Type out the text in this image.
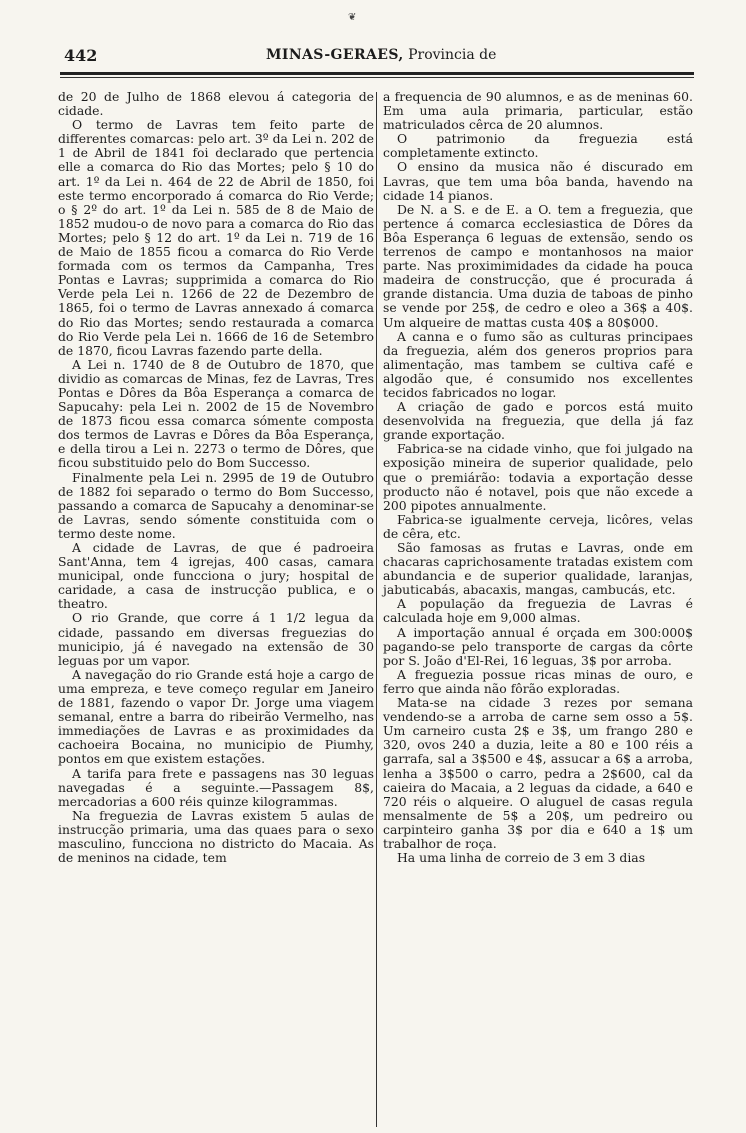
❦
442	MINAS-GERAES, Provincia de

de 20 de Julho de 1868 elevou á categoria de cidade.

O termo de Lavras tem feito parte de differentes comarcas: pelo art. 3º da Lei n. 202 de 1 de Abril de 1841 foi declarado que pertencia elle a comarca do Rio das Mortes; pelo § 10 do art. 1º da Lei n. 464 de 22 de Abril de 1850, foi este termo encorporado á comarca do Rio Verde; o § 2º do art. 1º da Lei n. 585 de 8 de Maio de 1852 mudou-o de novo para a comarca do Rio das Mortes; pelo § 12 do art. 1º da Lei n. 719 de 16 de Maio de 1855 ficou a comarca do Rio Verde formada com os termos da Campanha, Tres Pontas e Lavras; supprimida a comarca do Rio Verde pela Lei n. 1266 de 22 de Dezembro de 1865, foi o termo de Lavras annexado á comarca do Rio das Mortes; sendo restaurada a comarca do Rio Verde pela Lei n. 1666 de 16 de Setembro de 1870, ficou Lavras fazendo parte della.

A Lei n. 1740 de 8 de Outubro de 1870, que dividio as comarcas de Minas, fez de Lavras, Tres Pontas e Dôres da Bôa Esperança a comarca de Sapucahy: pela Lei n. 2002 de 15 de Novembro de 1873 ficou essa comarca sómente composta dos termos de Lavras e Dôres da Bôa Esperança, e della tirou a Lei n. 2273 o termo de Dôres, que ficou substituido pelo do Bom Successo.

Finalmente pela Lei n. 2995 de 19 de Outubro de 1882 foi separado o termo do Bom Successo, passando a comarca de Sapucahy a denominar-se de Lavras, sendo sómente constituida com o termo deste nome.

A cidade de Lavras, de que é padroeira Sant'Anna, tem 4 igrejas, 400 casas, camara municipal, onde funcciona o jury; hospital de caridade, a casa de instrucção publica, e o theatro.

O rio Grande, que corre á 1 1/2 legua da cidade, passando em diversas freguezias do municipio, já é navegado na extensão de 30 leguas por um vapor.

A navegação do rio Grande está hoje a cargo de uma empreza, e teve começo regular em Janeiro de 1881, fazendo o vapor Dr. Jorge uma viagem semanal, entre a barra do ribeirão Vermelho, nas immediações de Lavras e as proximidades da cachoeira Bocaina, no municipio de Piumhy, pontos em que existem estações.

A tarifa para frete e passagens nas 30 leguas navegadas é a seguinte.—Passagem 8$, mercadorias a 600 réis quinze kilogrammas.

Na freguezia de Lavras existem 5 aulas de instrucção primaria, uma das quaes para o sexo masculino, funcciona no districto do Macaia. As de meninos na cidade, tem

a frequencia de 90 alumnos, e as de meninas 60. Em uma aula primaria, particular, estão matriculados cêrca de 20 alumnos.

O patrimonio da freguezia está completamente extincto.

O ensino da musica não é discurado em Lavras, que tem uma bôa banda, havendo na cidade 14 pianos.

De N. a S. e de E. a O. tem a freguezia, que pertence á comarca ecclesiastica de Dôres da Bôa Esperança 6 leguas de extensão, sendo os terrenos de campo e montanhosos na maior parte. Nas proximimidades da cidade ha pouca madeira de construcção, que é procurada á grande distancia. Uma duzia de taboas de pinho se vende por 25$, de cedro e oleo a 36$ a 40$. Um alqueire de mattas custa 40$ a 80$000.

A canna e o fumo são as culturas principaes da freguezia, além dos generos proprios para alimentação, mas tambem se cultiva café e algodão que, é consumido nos excellentes tecidos fabricados no logar.

A criação de gado e porcos está muito desenvolvida na freguezia, que della já faz grande exportação.

Fabrica-se na cidade vinho, que foi julgado na exposição mineira de superior qualidade, pelo que o premiárão: todavia a exportação desse producto não é notavel, pois que não excede a 200 pipotes annualmente.

Fabrica-se igualmente cerveja, licôres, velas de cêra, etc.

São famosas as frutas e Lavras, onde em chacaras caprichosamente tratadas existem com abundancia e de superior qualidade, laranjas, jabuticabás, abacaxis, mangas, cambucás, etc.

A população da freguezia de Lavras é calculada hoje em 9,000 almas.

A importação annual é orçada em 300:000$ pagando-se pelo transporte de cargas da côrte por S. João d'El-Rei, 16 leguas, 3$ por arroba.

A freguezia possue ricas minas de ouro, e ferro que ainda não fôrão exploradas.

Mata-se na cidade 3 rezes por semana vendendo-se a arroba de carne sem osso a 5$. Um carneiro custa 2$ e 3$, um frango 280 e 320, ovos 240 a duzia, leite a 80 e 100 réis a garrafa, sal a 3$500 e 4$, assucar a 6$ a arroba, lenha a 3$500 o carro, pedra a 2$600, cal da caieira do Macaia, a 2 leguas da cidade, a 640 e 720 réis o alqueire. O aluguel de casas regula mensalmente de 5$ a 20$, um pedreiro ou carpinteiro ganha 3$ por dia e 640 a 1$ um trabalhor de roça.

Ha uma linha de correio de 3 em 3 dias
